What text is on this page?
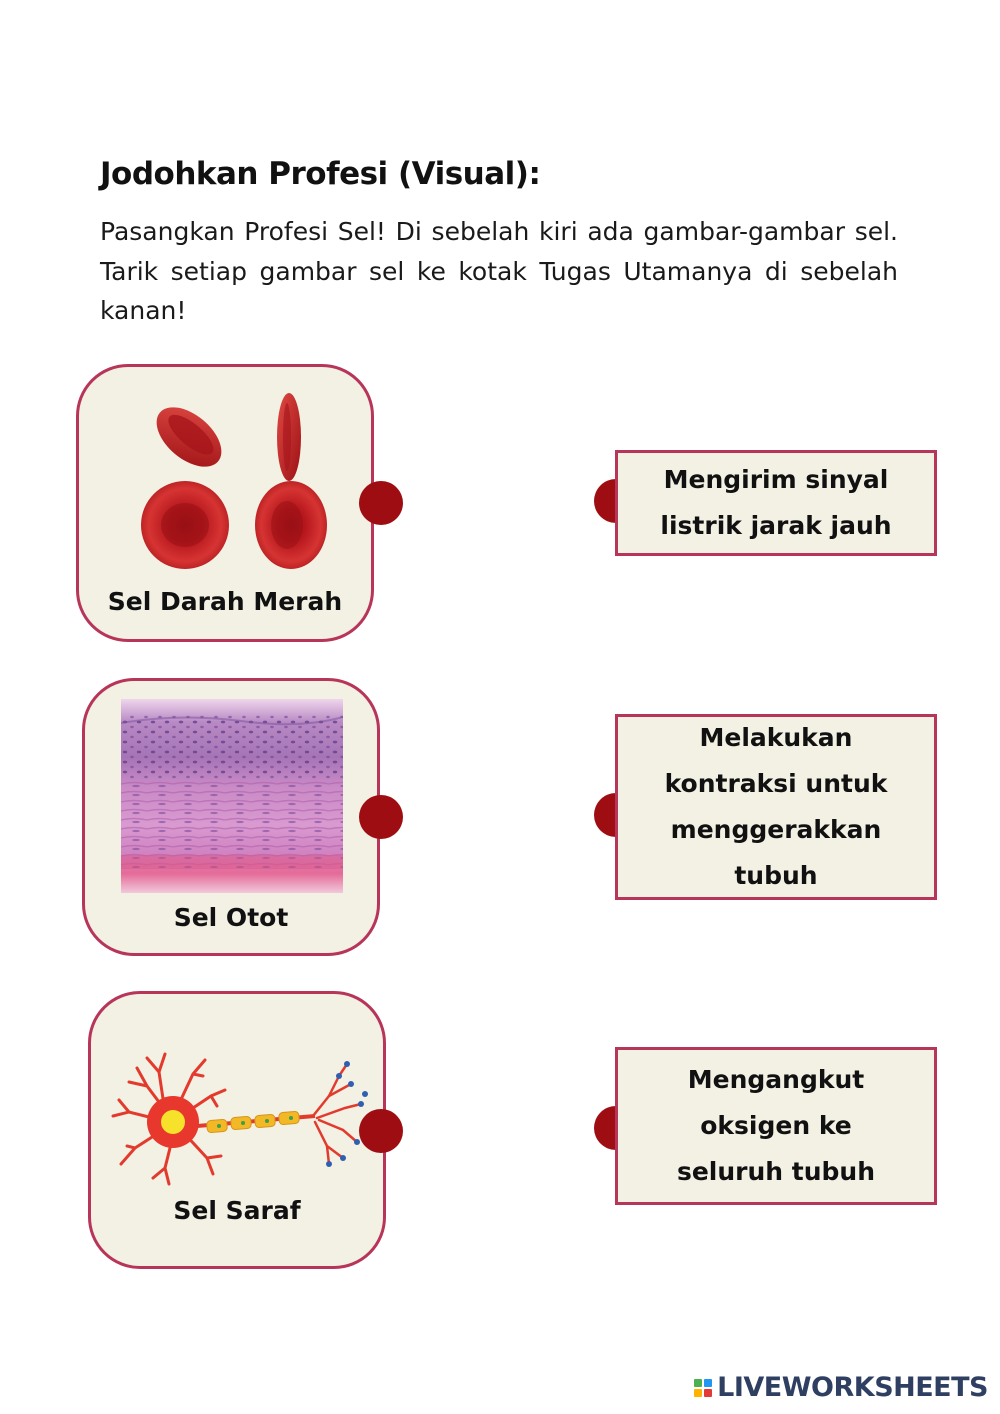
Jodohkan Profesi (Visual):

Pasangkan Profesi Sel! Di sebelah kiri ada gambar-gambar sel. Tarik setiap gambar sel ke kotak Tugas Utamanya di sebelah kanan!

Sel Darah Merah
Sel Otot
Sel Saraf
Mengirim sinyal
listrik jarak jauh
Melakukan
kontraksi untuk
menggerakkan
tubuh
Mengangkut
oksigen ke
seluruh tubuh
LIVEWORKSHEETS
